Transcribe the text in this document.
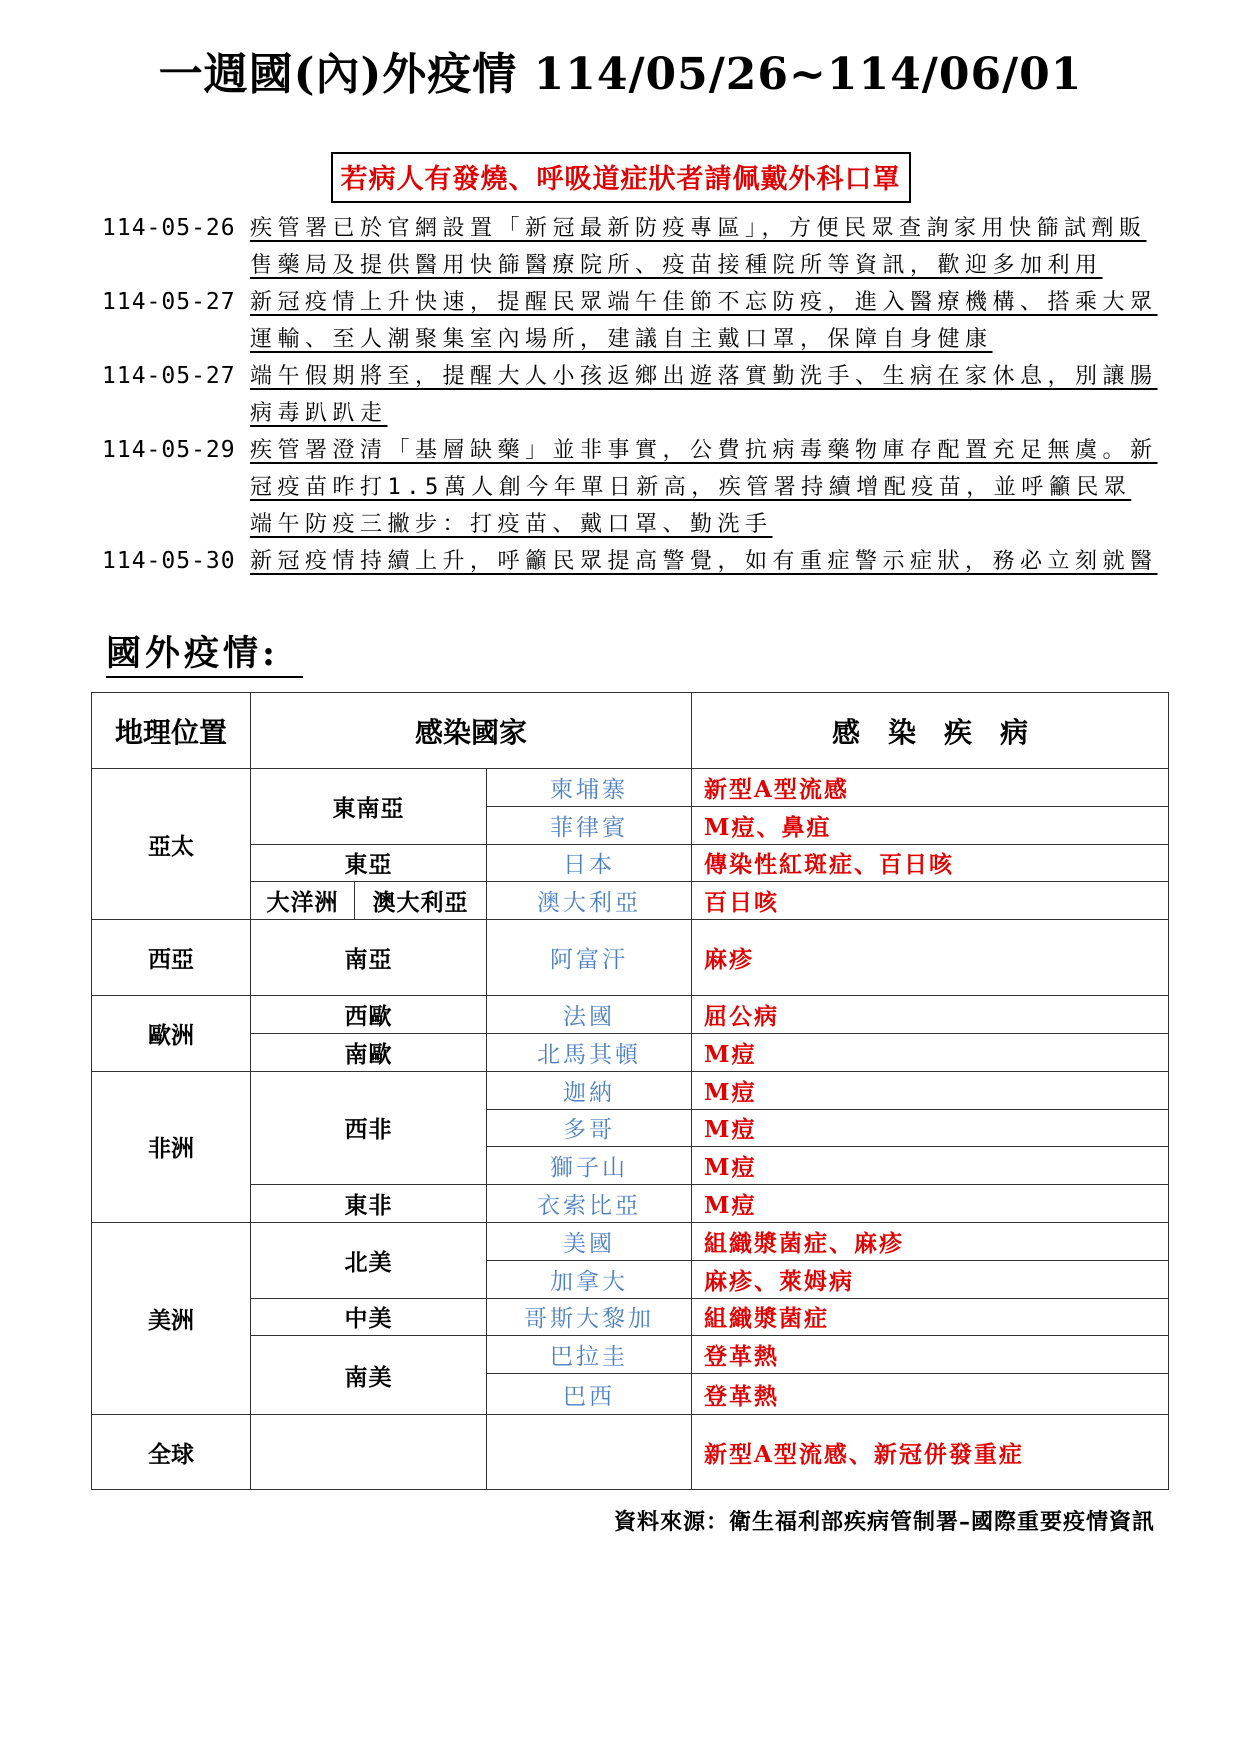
一週國(內)外疫情 114/05/26~114/06/01
若病人有發燒、呼吸道症狀者請佩戴外科口罩
114-05-26 疾管署已於官網設置「新冠最新防疫專區」，方便民眾查詢家用快篩試劑販售藥局及提供醫用快篩醫療院所、疫苗接種院所等資訊，歡迎多加利用
114-05-27 新冠疫情上升快速，提醒民眾端午佳節不忘防疫，進入醫療機構、搭乘大眾運輸、至人潮聚集室內場所，建議自主戴口罩，保障自身健康
114-05-27 端午假期將至，提醒大人小孩返鄉出遊落實勤洗手、生病在家休息，別讓腸病毒趴趴走
114-05-29 疾管署澄清「基層缺藥」並非事實，公費抗病毒藥物庫存配置充足無虞。新冠疫苗昨打1.5萬人創今年單日新高，疾管署持續增配疫苗，並呼籲民眾端午防疫三撇步：打疫苗、戴口罩、勤洗手
114-05-30 新冠疫情持續上升，呼籲民眾提高警覺，如有重症警示症狀，務必立刻就醫
國外疫情:
地理位置	感染國家			感　染　疾　病
亞太	東南亞		柬埔寨	新型A型流感
			菲律賓	M痘、鼻疽
	東亞		日本	傳染性紅斑症、百日咳
	大洋洲	澳大利亞	澳大利亞	百日咳
西亞	南亞		阿富汗	麻疹
歐洲	西歐		法國	屈公病
	南歐		北馬其頓	M痘
非洲	西非		迦納	M痘
			多哥	M痘
			獅子山	M痘
	東非		衣索比亞	M痘
美洲	北美		美國	組織漿菌症、麻疹
			加拿大	麻疹、萊姆病
	中美		哥斯大黎加	組織漿菌症
	南美		巴拉圭	登革熱
			巴西	登革熱
全球				新型A型流感、新冠併發重症
資料來源：衛生福利部疾病管制署–國際重要疫情資訊
